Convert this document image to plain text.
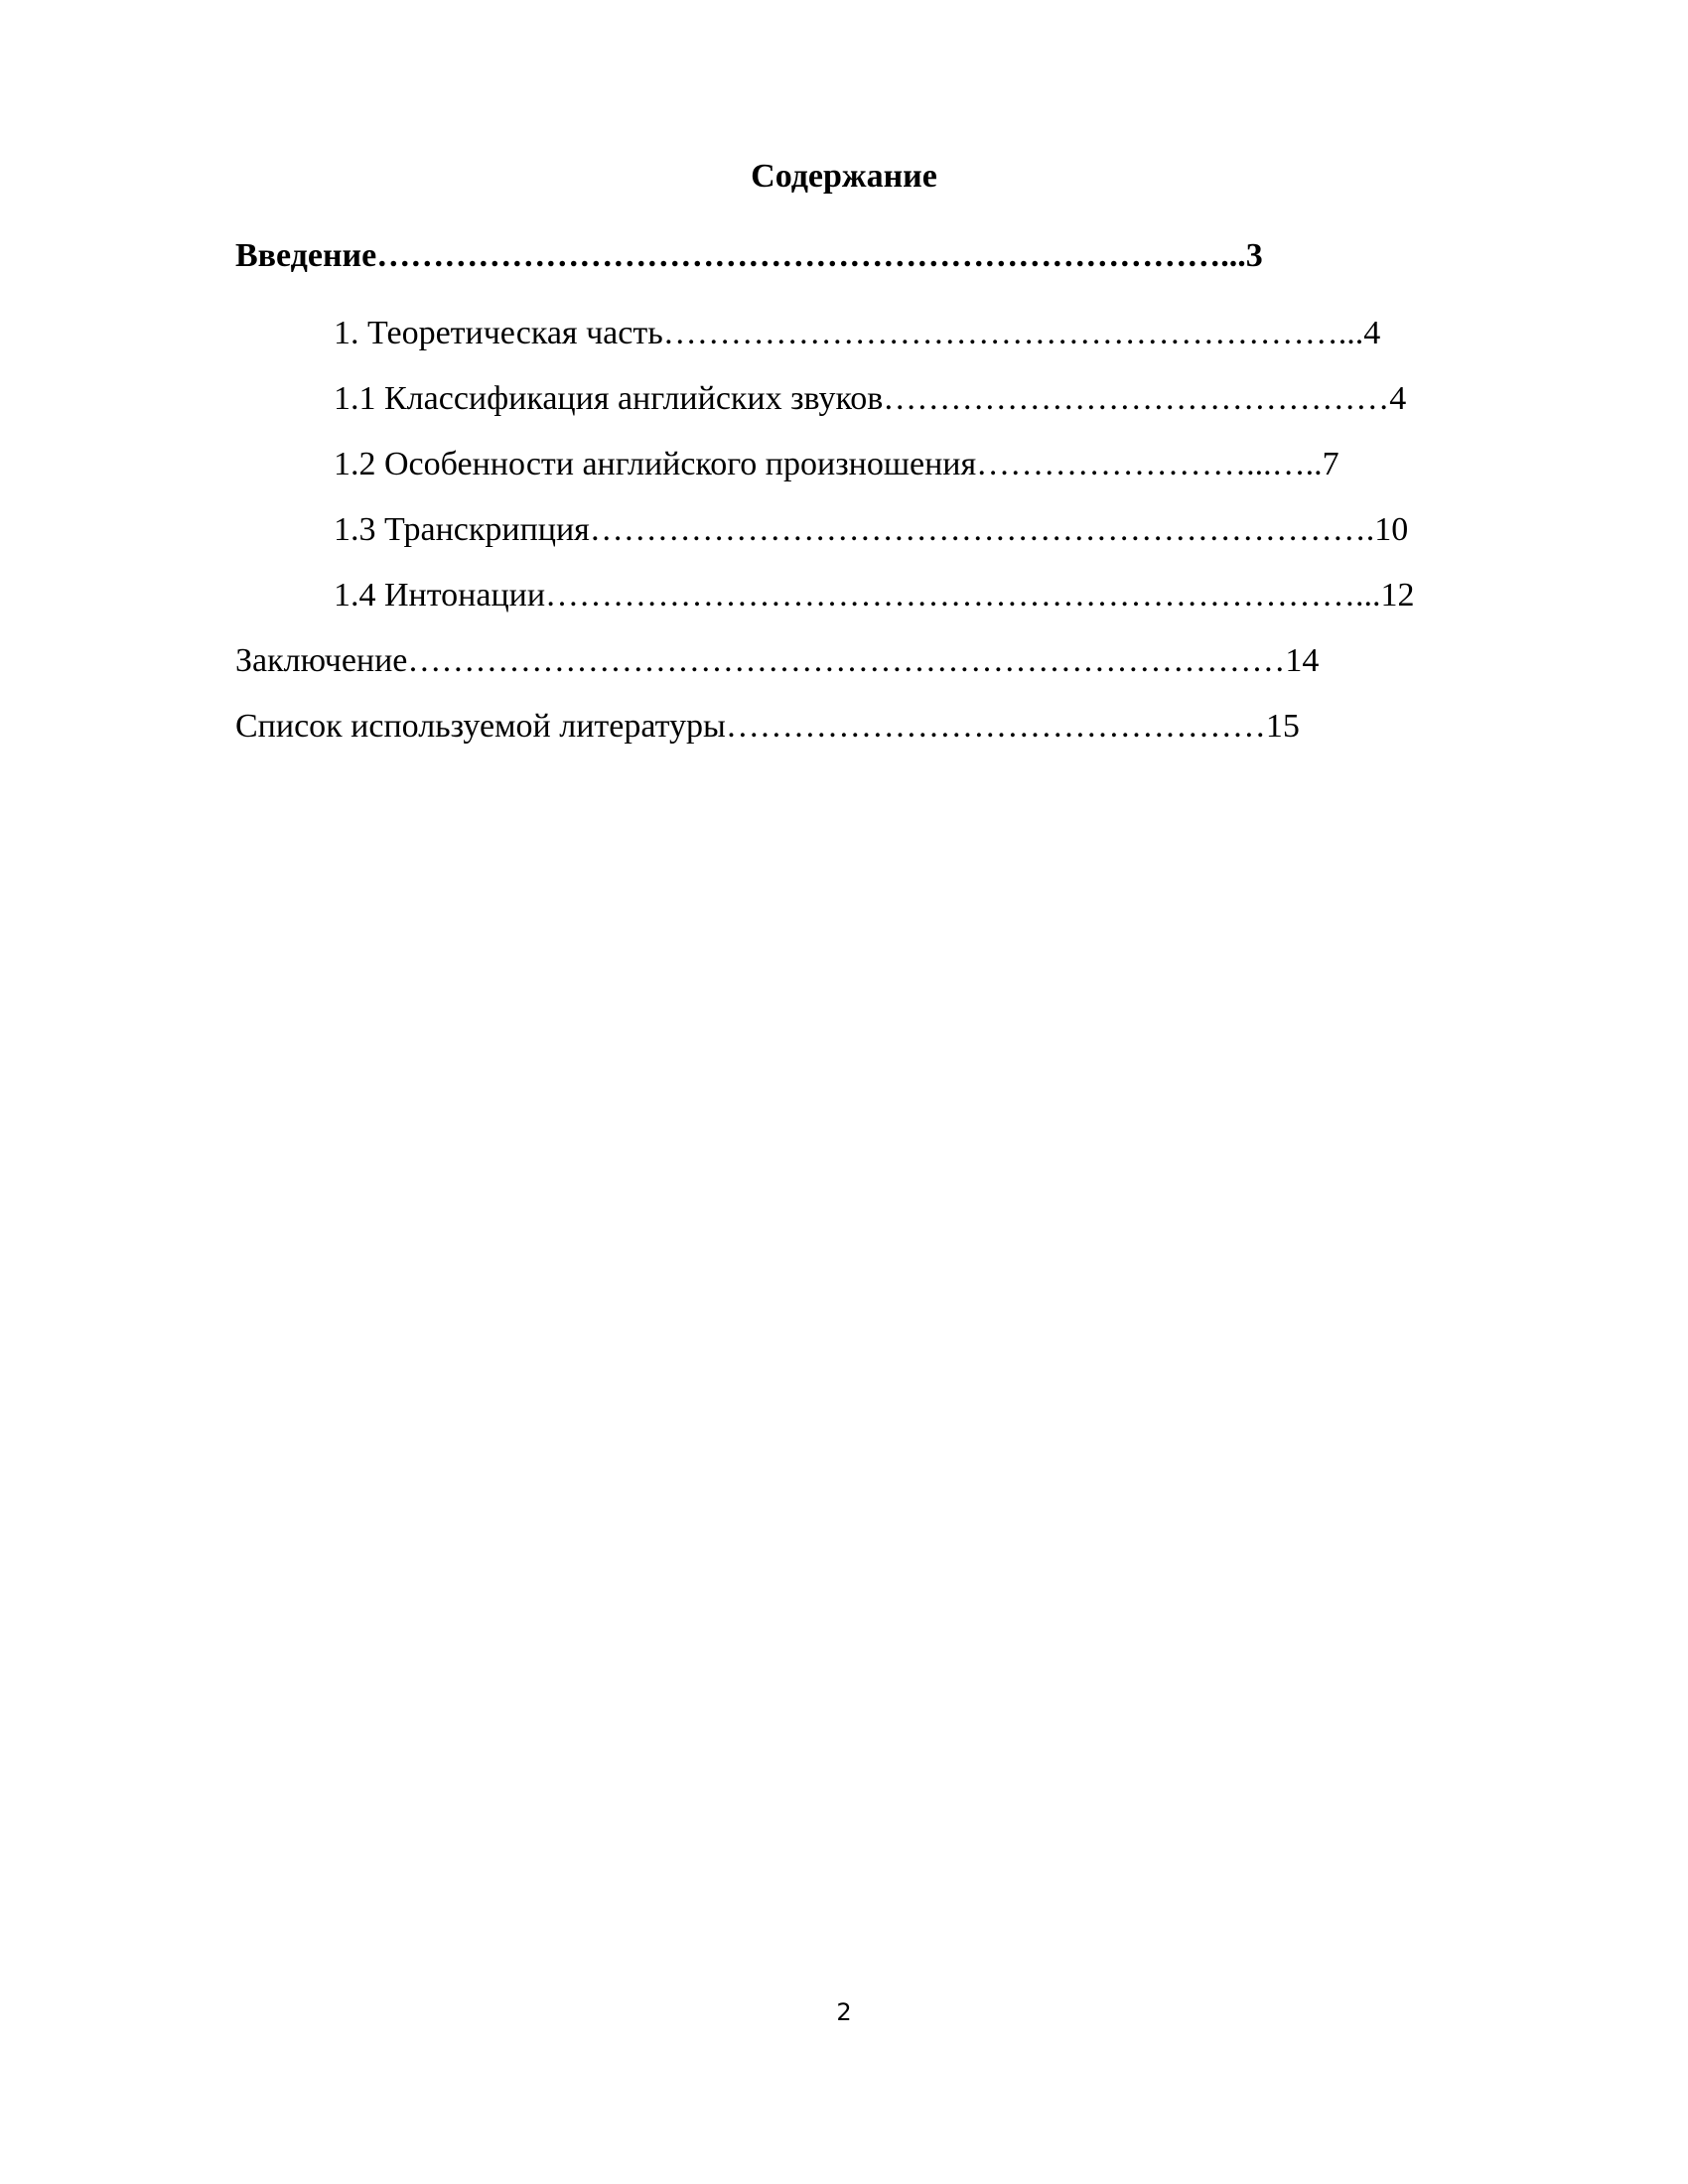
Содержание
Введение…………………………………………………………………...3
1. Теоретическая часть……………………………………………………...4
1.1 Классификация английских звуков………………………………………4
1.2 Особенности английского произношения……………………...…..7
1.3 Транскрипция…………………………………………………………….10
1.4 Интонации………………………………………………………………...12
Заключение……………………………………………………………………14
Список используемой литературы…………………………………………15
2
